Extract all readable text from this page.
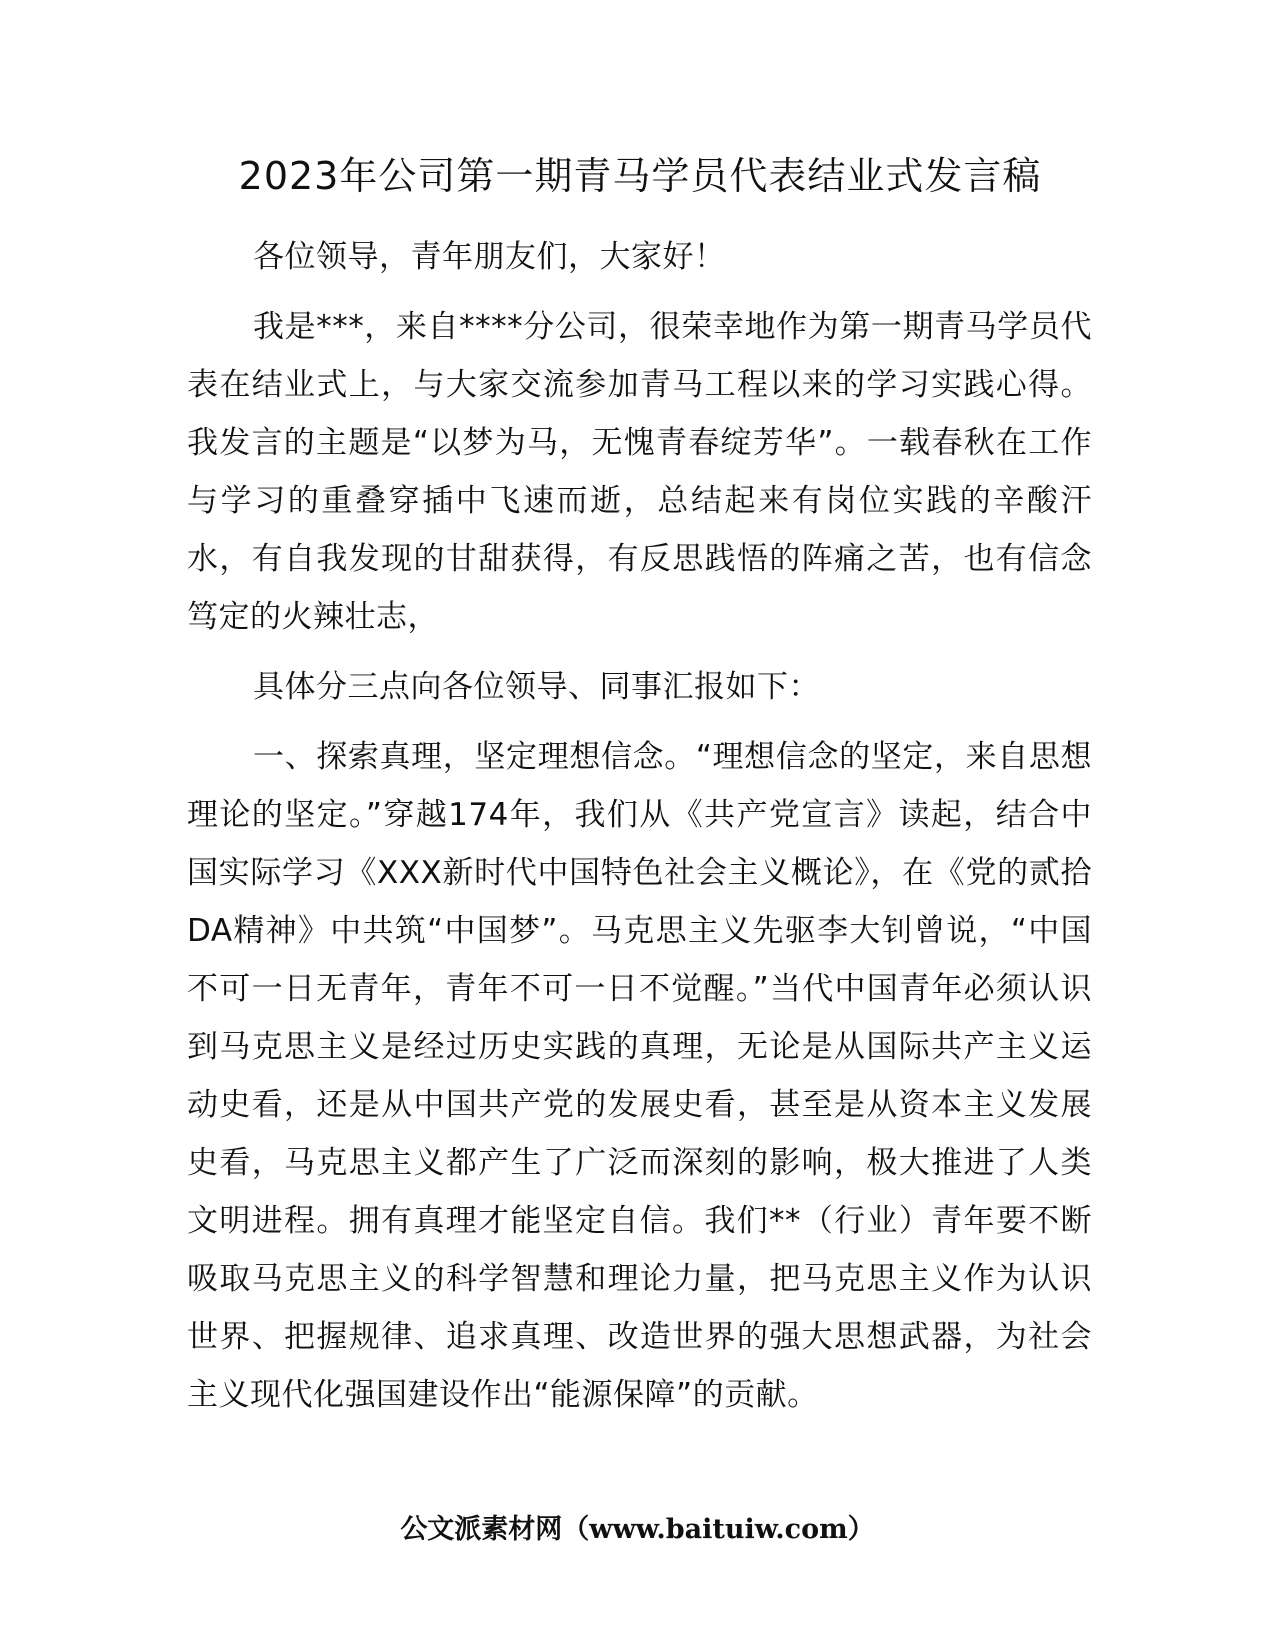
2023年公司第一期青马学员代表结业式发言稿

各位领导，青年朋友们，大家好！

我是***，来自****分公司，很荣幸地作为第一期青马学员代表在结业式上，与大家交流参加青马工程以来的学习实践心得。我发言的主题是“以梦为马，无愧青春绽芳华”。一载春秋在工作与学习的重叠穿插中飞速而逝，总结起来有岗位实践的辛酸汗水，有自我发现的甘甜获得，有反思践悟的阵痛之苦，也有信念笃定的火辣壮志，

具体分三点向各位领导、同事汇报如下：

一、探索真理，坚定理想信念。“理想信念的坚定，来自思想理论的坚定。”穿越174年，我们从《共产党宣言》读起，结合中国实际学习《XXX新时代中国特色社会主义概论》，在《党的贰拾DA精神》中共筑“中国梦”。马克思主义先驱李大钊曾说，“中国不可一日无青年，青年不可一日不觉醒。”当代中国青年必须认识到马克思主义是经过历史实践的真理，无论是从国际共产主义运动史看，还是从中国共产党的发展史看，甚至是从资本主义发展史看，马克思主义都产生了广泛而深刻的影响，极大推进了人类文明进程。拥有真理才能坚定自信。我们**（行业）青年要不断吸取马克思主义的科学智慧和理论力量，把马克思主义作为认识世界、把握规律、追求真理、改造世界的强大思想武器，为社会主义现代化强国建设作出“能源保障”的贡献。

公文派素材网（www.baituiw.com）
